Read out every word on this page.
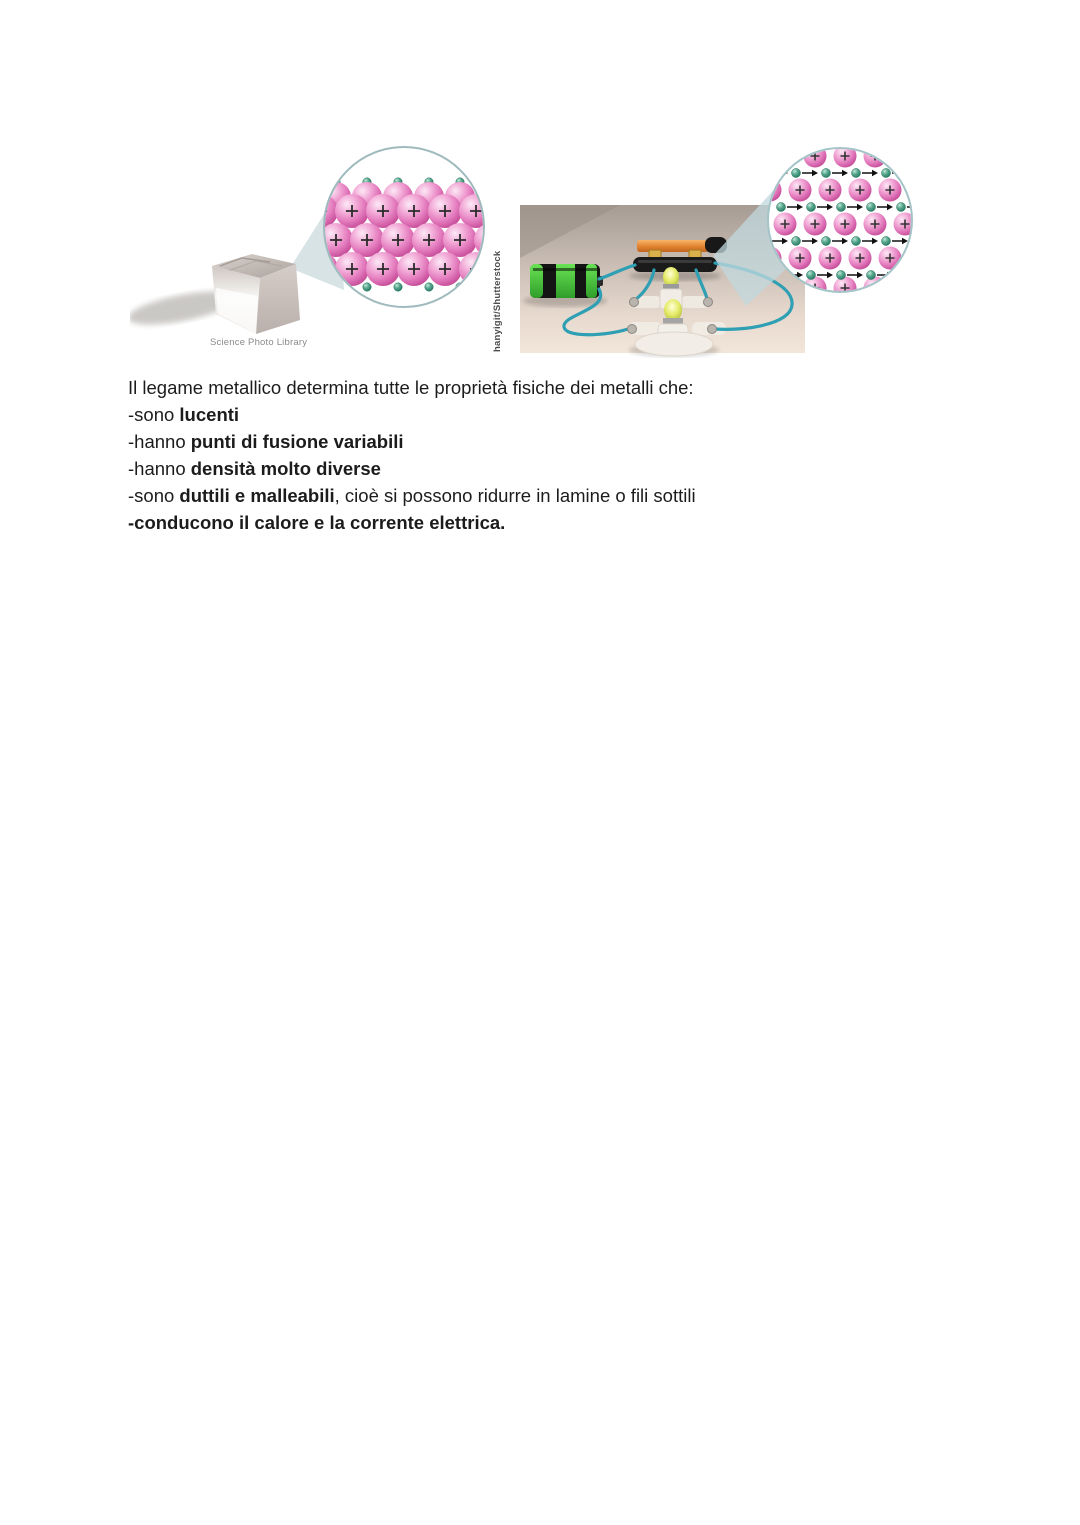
Science Photo Library	hanyigit/Shutterstock
Il legame metallico determina tutte le proprietà fisiche dei metalli che:
-sono lucenti
-hanno punti di fusione variabili
-hanno densità molto diverse
-sono duttili e malleabili, cioè si possono ridurre in lamine o fili sottili
-conducono il calore e la corrente elettrica.
